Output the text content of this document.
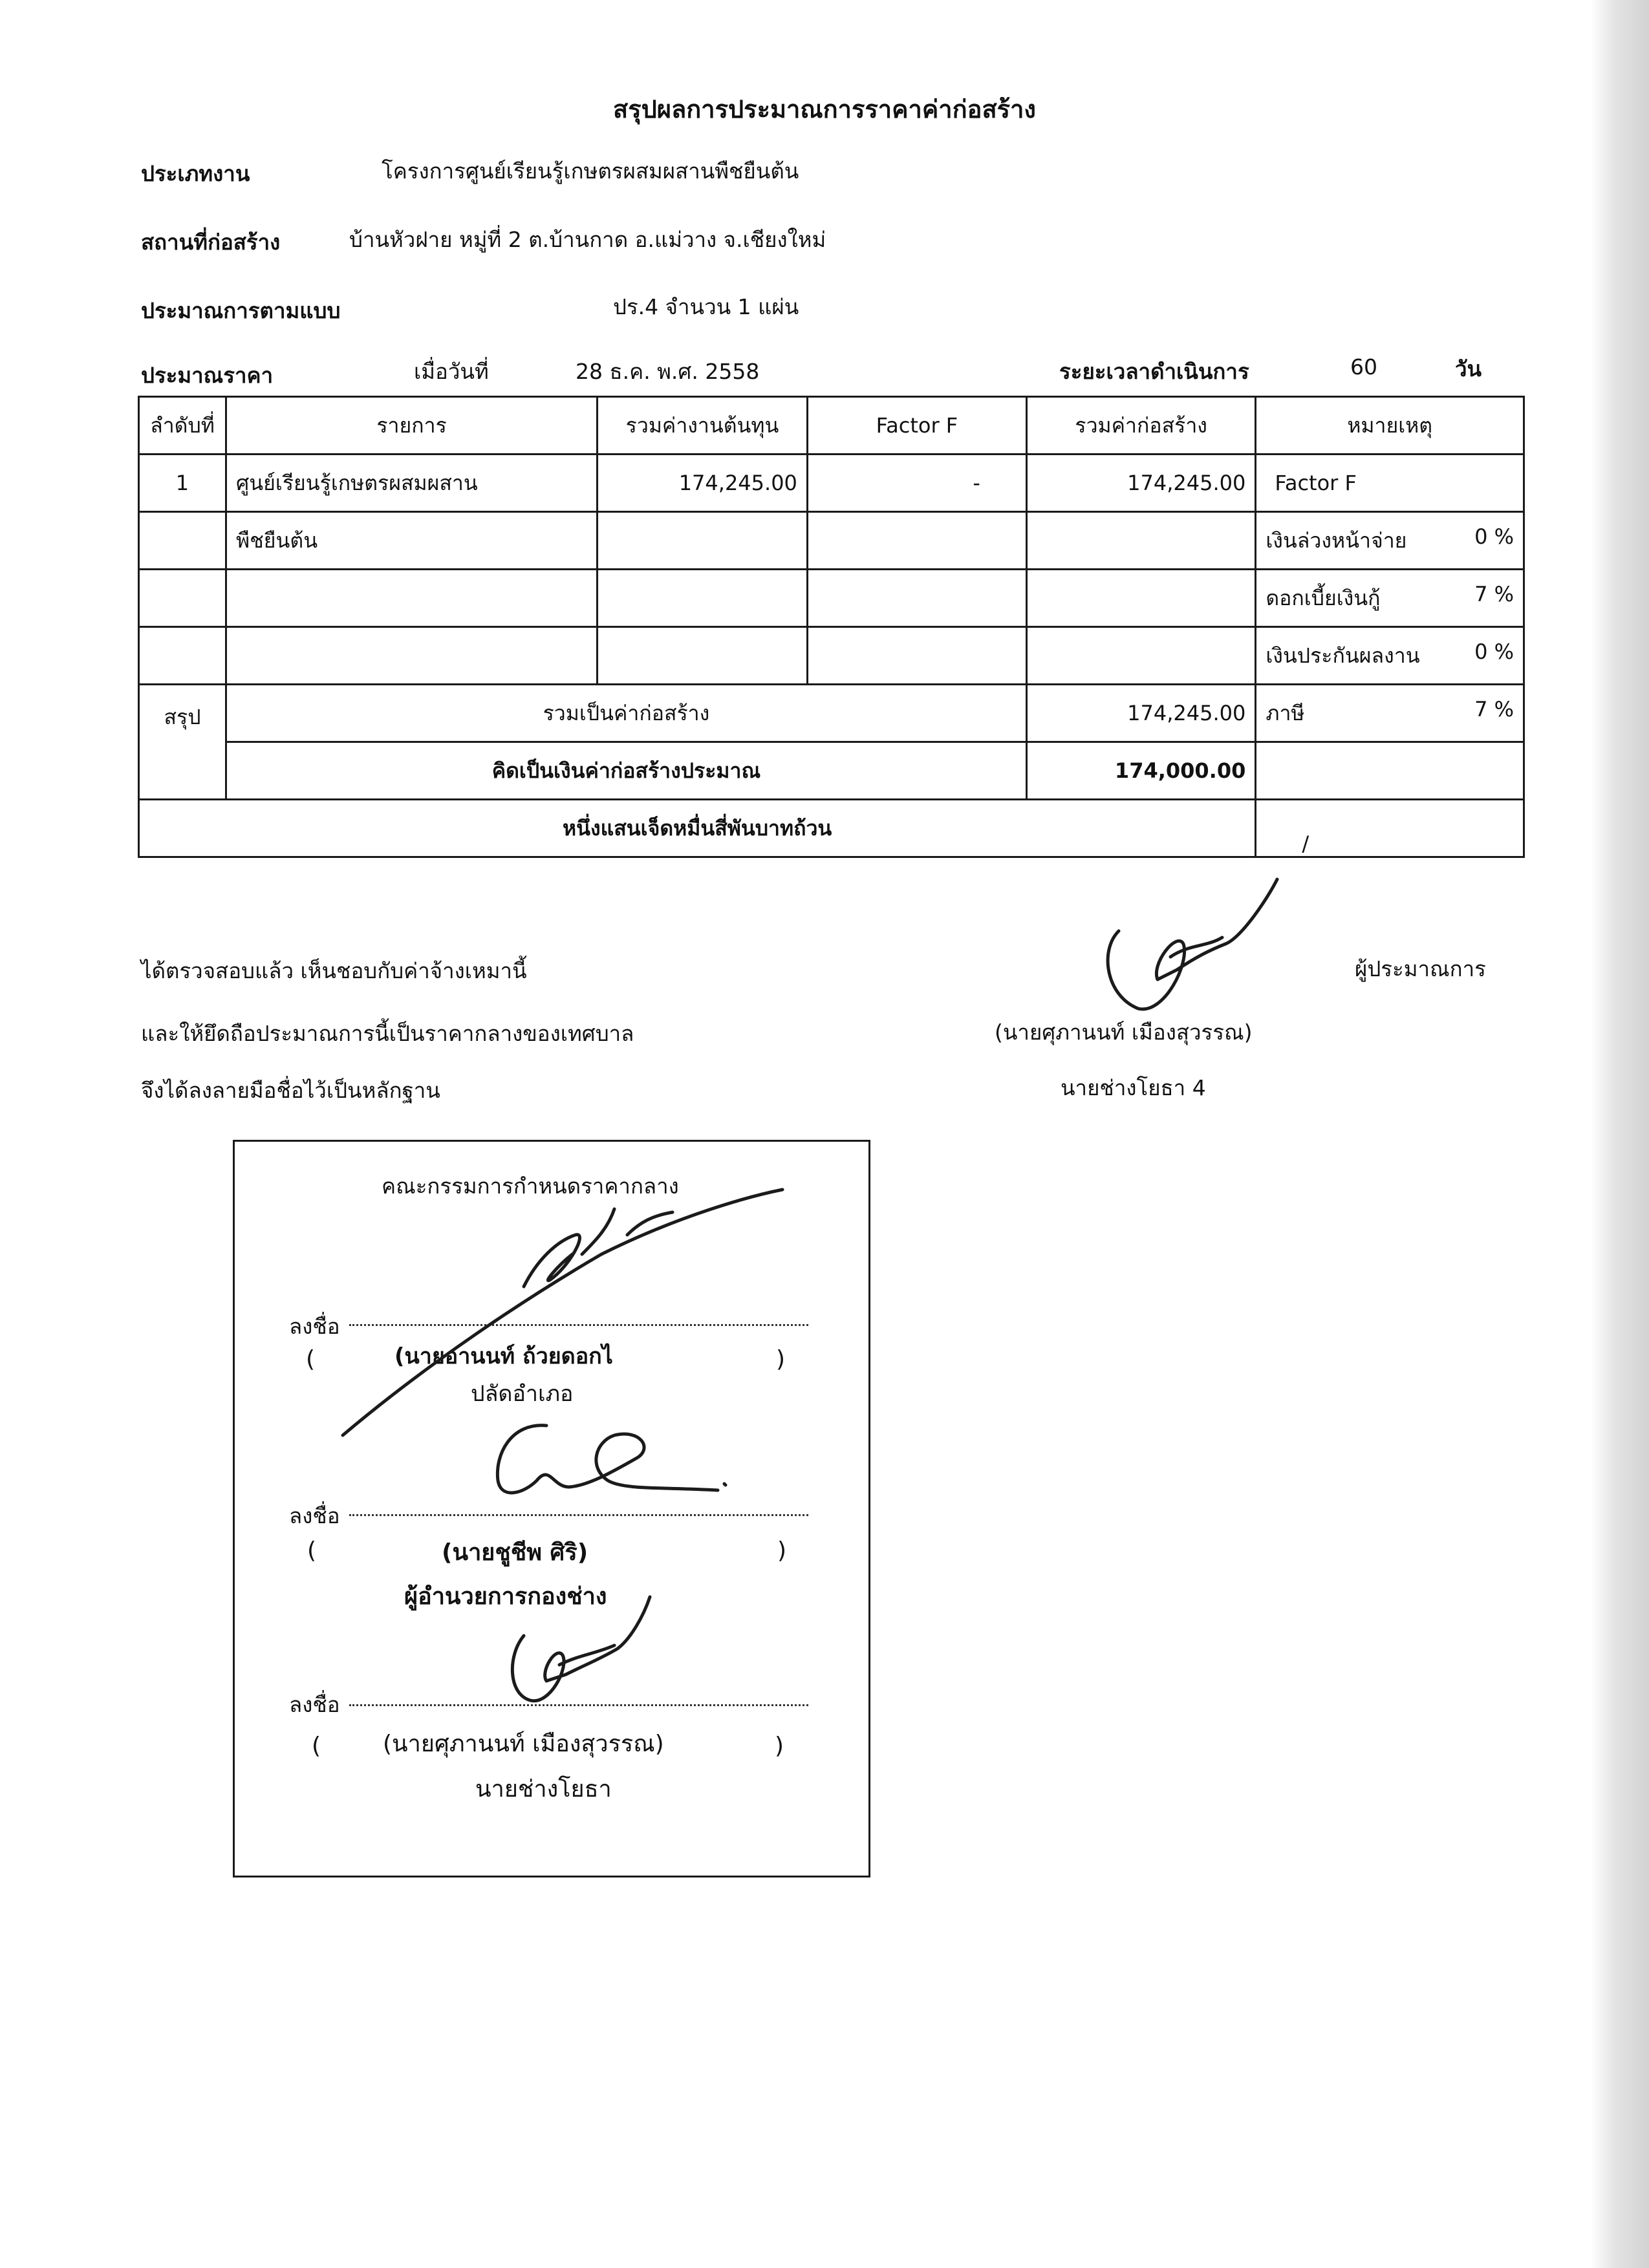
สรุปผลการประมาณการราคาค่าก่อสร้าง
ประเภทงาน	โครงการศูนย์เรียนรู้เกษตรผสมผสานพืชยืนต้น
สถานที่ก่อสร้าง	บ้านหัวฝาย หมู่ที่ 2 ต.บ้านกาด อ.แม่วาง จ.เชียงใหม่
ประมาณการตามแบบ	ปร.4 จำนวน 1 แผ่น
ประมาณราคา	เมื่อวันที่	28 ธ.ค. พ.ศ. 2558	ระยะเวลาดำเนินการ	60	วัน
ลำดับที่	รายการ	รวมค่างานต้นทุน	Factor F	รวมค่าก่อสร้าง	หมายเหตุ
1	ศูนย์เรียนรู้เกษตรผสมผสาน	174,245.00	-	174,245.00	Factor F
	พืชยืนต้น				เงินล่วงหน้าจ่าย 0 %

					ดอกเบี้ยเงินกู้ 7 %

					เงินประกันผลงาน 0 %

สรุป	รวมเป็นค่าก่อสร้าง			174,245.00	ภาษี 7 %

	คิดเป็นเงินค่าก่อสร้างประมาณ			174,000.00	
หนึ่งแสนเจ็ดหมื่นสี่พันบาทถ้วน					/
ได้ตรวจสอบแล้ว เห็นชอบกับค่าจ้างเหมานี้
และให้ยึดถือประมาณการนี้เป็นราคากลางของเทศบาล
จึงได้ลงลายมือชื่อไว้เป็นหลักฐาน
ผู้ประมาณการ
(นายศุภานนท์ เมืองสุวรรณ)
นายช่างโยธา 4
คณะกรรมการกำหนดราคากลาง
ลงชื่อ
(	)
(นายอานนท์ ถ้วยดอกไ
ปลัดอำเภอ
ลงชื่อ
(	)
(นายชูชีพ ศิริ)
ผู้อำนวยการกองช่าง
ลงชื่อ
(	)
(นายศุภานนท์ เมืองสุวรรณ)
นายช่างโยธา
